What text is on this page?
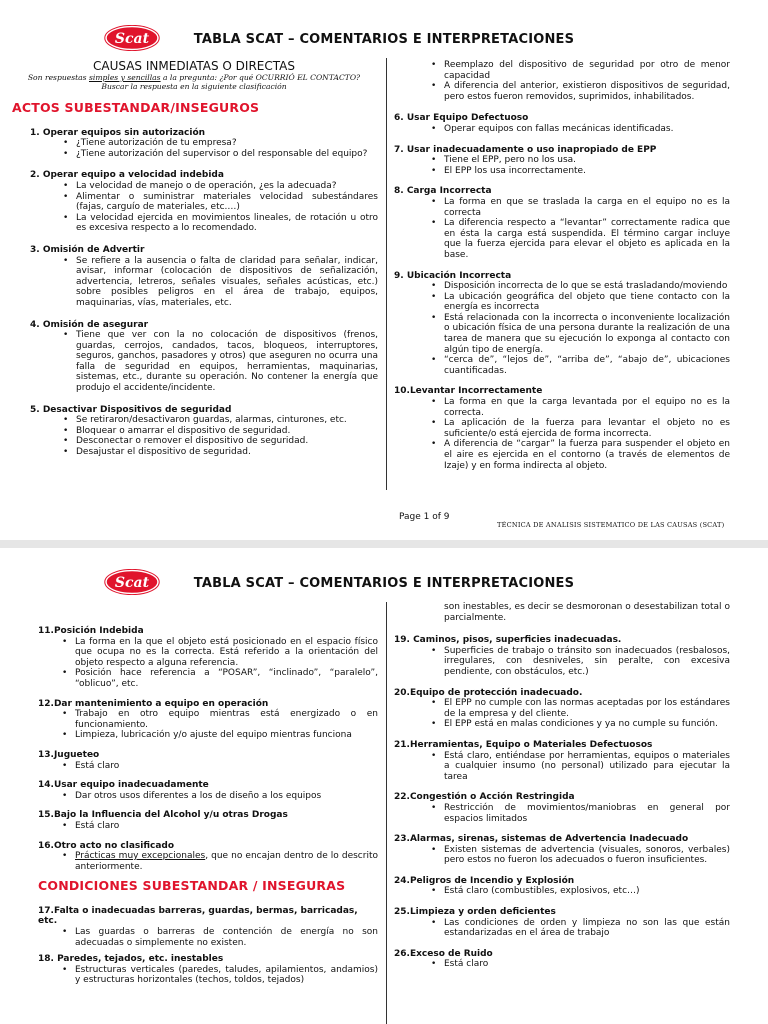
Scat	TABLA SCAT – COMENTARIOS E INTERPRETACIONES
CAUSAS INMEDIATAS O DIRECTAS
Son respuestas simples y sencillas a la pregunta: ¿Por qué OCURRIÓ EL CONTACTO?
Buscar la respuesta en la siguiente clasificación
ACTOS SUBESTANDAR/INSEGUROS
1. Operar equipos sin autorización
• ¿Tiene autorización de tu empresa?
• ¿Tiene autorización del supervisor o del responsable del equipo?
2. Operar equipo a velocidad indebida
• La velocidad de manejo o de operación, ¿es la adecuada?
• Alimentar o suministrar materiales velocidad subestándares (fajas, carguío de materiales, etc.…)
• La velocidad ejercida en movimientos lineales, de rotación u otro es excesiva respecto a lo recomendado.
3. Omisión de Advertir
• Se refiere a la ausencia o falta de claridad para señalar, indicar, avisar, informar (colocación de dispositivos de señalización, advertencia, letreros, señales visuales, señales acústicas, etc.) sobre posibles peligros en el área de trabajo, equipos, maquinarias, vías, materiales, etc.
4. Omisión de asegurar
• Tiene que ver con la no colocación de dispositivos (frenos, guardas, cerrojos, candados, tacos, bloqueos, interruptores, seguros, ganchos, pasadores y otros) que aseguren no ocurra una falla de seguridad en equipos, herramientas, maquinarias, sistemas, etc., durante su operación. No contener la energía que produjo el accidente/incidente.
5. Desactivar Dispositivos de seguridad
• Se retiraron/desactivaron guardas, alarmas, cinturones, etc.
• Bloquear o amarrar el dispositivo de seguridad.
• Desconectar o remover el dispositivo de seguridad.
• Desajustar el dispositivo de seguridad.
• Reemplazo del dispositivo de seguridad por otro de menor capacidad
• A diferencia del anterior, existieron dispositivos de seguridad, pero estos fueron removidos, suprimidos, inhabilitados.
6. Usar Equipo Defectuoso
• Operar equipos con fallas mecánicas identificadas.
7. Usar inadecuadamente o uso inapropiado de EPP
• Tiene el EPP, pero no los usa.
• El EPP los usa incorrectamente.
8. Carga Incorrecta
• La forma en que se traslada la carga en el equipo no es la correcta
• La diferencia respecto a “levantar” correctamente radica que en ésta la carga está suspendida. El término cargar incluye que la fuerza ejercida para elevar el objeto es aplicada en la base.
9. Ubicación Incorrecta
• Disposición incorrecta de lo que se está trasladando/moviendo
• La ubicación geográfica del objeto que tiene contacto con la energía es incorrecta
• Está relacionada con la incorrecta o inconveniente localización o ubicación física de una persona durante la realización de una tarea de manera que su ejecución lo exponga al contacto con algún tipo de energía.
• “cerca de”, “lejos de”, “arriba de”, “abajo de”, ubicaciones cuantificadas.
10.Levantar Incorrectamente
• La forma en que la carga levantada por el equipo no es la correcta.
• La aplicación de la fuerza para levantar el objeto no es suficiente/o está ejercida de forma incorrecta.
• A diferencia de “cargar” la fuerza para suspender el objeto en el aire es ejercida en el contorno (a través de elementos de Izaje) y en forma indirecta al objeto.
Page 1 of 9
TÉCNICA DE ANALISIS SISTEMATICO DE LAS CAUSAS (SCAT)
Scat	TABLA SCAT – COMENTARIOS E INTERPRETACIONES
11.Posición Indebida
• La forma en la que el objeto está posicionado en el espacio físico que ocupa no es la correcta. Está referido a la orientación del objeto respecto a alguna referencia.
• Posición hace referencia a “POSAR”, “inclinado”, “paralelo”, “oblicuo”, etc.
12.Dar mantenimiento a equipo en operación
• Trabajo en otro equipo mientras está energizado o en funcionamiento.
• Limpieza, lubricación y/o ajuste del equipo mientras funciona
13.Jugueteo
• Está claro
14.Usar equipo inadecuadamente
• Dar otros usos diferentes a los de diseño a los equipos
15.Bajo la Influencia del Alcohol y/u otras Drogas
• Está claro
16.Otro acto no clasificado
• Prácticas muy excepcionales, que no encajan dentro de lo descrito anteriormente.
CONDICIONES SUBESTANDAR / INSEGURAS
17.Falta o inadecuadas barreras, guardas, bermas, barricadas, etc.
• Las guardas o barreras de contención de energía no son adecuadas o simplemente no existen.
18. Paredes, tejados, etc. inestables
• Estructuras verticales (paredes, taludes, apilamientos, andamios) y estructuras horizontales (techos, toldos, tejados)
son inestables, es decir se desmoronan o desestabilizan total o parcialmente.
19. Caminos, pisos, superficies inadecuadas.
• Superficies de trabajo o tránsito son inadecuados (resbalosos, irregulares, con desniveles, sin peralte, con excesiva pendiente, con obstáculos, etc.)
20.Equipo de protección inadecuado.
• El EPP no cumple con las normas aceptadas por los estándares de la empresa y del cliente.
• El EPP está en malas condiciones y ya no cumple su función.
21.Herramientas, Equipo o Materiales Defectuosos
• Está claro, entiéndase por herramientas, equipos o materiales a cualquier insumo (no personal) utilizado para ejecutar la tarea
22.Congestión o Acción Restringida
• Restricción de movimientos/maniobras en general por espacios limitados
23.Alarmas, sirenas, sistemas de Advertencia Inadecuado
• Existen sistemas de advertencia (visuales, sonoros, verbales) pero estos no fueron los adecuados o fueron insuficientes.
24.Peligros de Incendio y Explosión
• Está claro (combustibles, explosivos, etc…)
25.Limpieza y orden deficientes
• Las condiciones de orden y limpieza no son las que están estandarizadas en el área de trabajo
26.Exceso de Ruido
• Está claro
